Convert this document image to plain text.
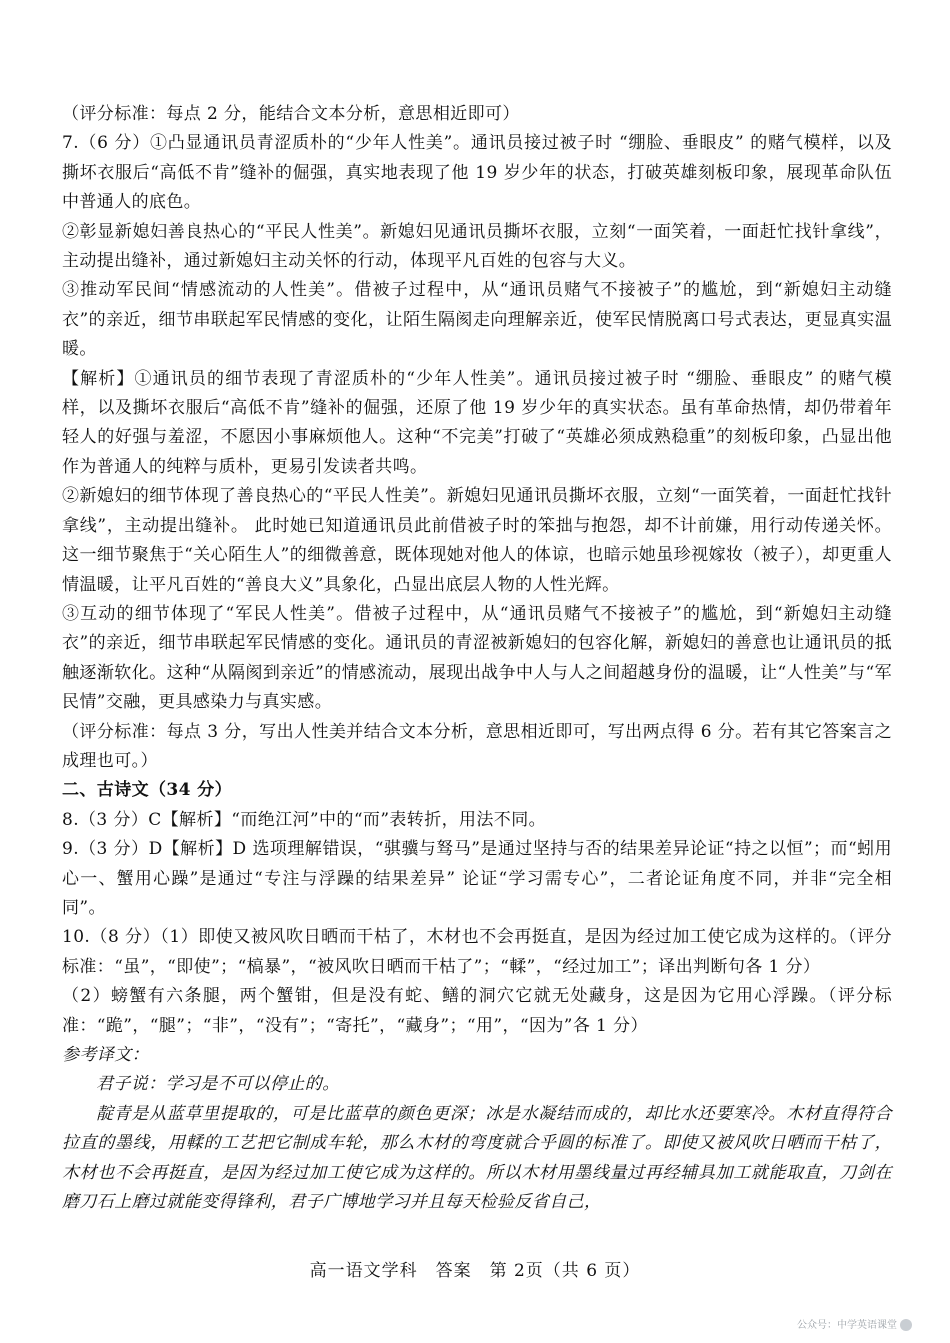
（评分标准：每点 2 分，能结合文本分析，意思相近即可）

7.（6 分）①凸显通讯员青涩质朴的“少年人性美”。通讯员接过被子时 “绷脸、垂眼皮” 的赌气模样，以及撕坏衣服后“高低不肯”缝补的倔强，真实地表现了他 19 岁少年的状态，打破英雄刻板印象，展现革命队伍中普通人的底色。

②彰显新媳妇善良热心的“平民人性美”。新媳妇见通讯员撕坏衣服，立刻“一面笑着，一面赶忙找针拿线”，主动提出缝补，通过新媳妇主动关怀的行动，体现平凡百姓的包容与大义。

③推动军民间“情感流动的人性美”。借被子过程中，从“通讯员赌气不接被子”的尴尬，到“新媳妇主动缝衣”的亲近，细节串联起军民情感的变化，让陌生隔阂走向理解亲近，使军民情脱离口号式表达，更显真实温暖。

【解析】①通讯员的细节表现了青涩质朴的“少年人性美”。通讯员接过被子时 “绷脸、垂眼皮” 的赌气模样，以及撕坏衣服后“高低不肯”缝补的倔强，还原了他 19 岁少年的真实状态。虽有革命热情，却仍带着年轻人的好强与羞涩，不愿因小事麻烦他人。这种“不完美”打破了“英雄必须成熟稳重”的刻板印象，凸显出他作为普通人的纯粹与质朴，更易引发读者共鸣。

②新媳妇的细节体现了善良热心的“平民人性美”。新媳妇见通讯员撕坏衣服，立刻“一面笑着，一面赶忙找针拿线”，主动提出缝补。 此时她已知道通讯员此前借被子时的笨拙与抱怨，却不计前嫌，用行动传递关怀。这一细节聚焦于“关心陌生人”的细微善意，既体现她对他人的体谅，也暗示她虽珍视嫁妆（被子），却更重人情温暖，让平凡百姓的“善良大义”具象化，凸显出底层人物的人性光辉。

③互动的细节体现了“军民人性美”。借被子过程中，从“通讯员赌气不接被子”的尴尬，到“新媳妇主动缝衣”的亲近，细节串联起军民情感的变化。通讯员的青涩被新媳妇的包容化解，新媳妇的善意也让通讯员的抵触逐渐软化。这种“从隔阂到亲近”的情感流动，展现出战争中人与人之间超越身份的温暖，让“人性美”与“军民情”交融，更具感染力与真实感。

（评分标准：每点 3 分，写出人性美并结合文本分析，意思相近即可，写出两点得 6 分。若有其它答案言之成理也可。）

二、古诗文（34 分）

8.（3 分）C【解析】“而绝江河”中的“而”表转折，用法不同。

9.（3 分）D【解析】D 选项理解错误，“骐骥与驽马”是通过坚持与否的结果差异论证“持之以恒”；而“蚓用心一、蟹用心躁”是通过“专注与浮躁的结果差异” 论证“学习需专心”，二者论证角度不同，并非“完全相同”。

10.（8 分）（1）即使又被风吹日晒而干枯了，木材也不会再挺直，是因为经过加工使它成为这样的。（评分标准：“虽”，“即使”；“槁暴”，“被风吹日晒而干枯了”；“輮”，“经过加工”；译出判断句各 1 分）

（2）螃蟹有六条腿，两个蟹钳，但是没有蛇、鳝的洞穴它就无处藏身，这是因为它用心浮躁。（评分标准：“跪”，“腿”；“非”，“没有”；“寄托”，“藏身”；“用”，“因为”各 1 分）

参考译文：

君子说：学习是不可以停止的。

靛青是从蓝草里提取的，可是比蓝草的颜色更深；冰是水凝结而成的，却比水还要寒冷。木材直得符合拉直的墨线，用輮的工艺把它制成车轮，那么木材的弯度就合乎圆的标准了。即使又被风吹日晒而干枯了，木材也不会再挺直，是因为经过加工使它成为这样的。所以木材用墨线量过再经辅具加工就能取直，刀剑在磨刀石上磨过就能变得锋利，君子广博地学习并且每天检验反省自己，

高一语文学科　答案　第 2页（共 6 页）
公众号：中学英语课堂
